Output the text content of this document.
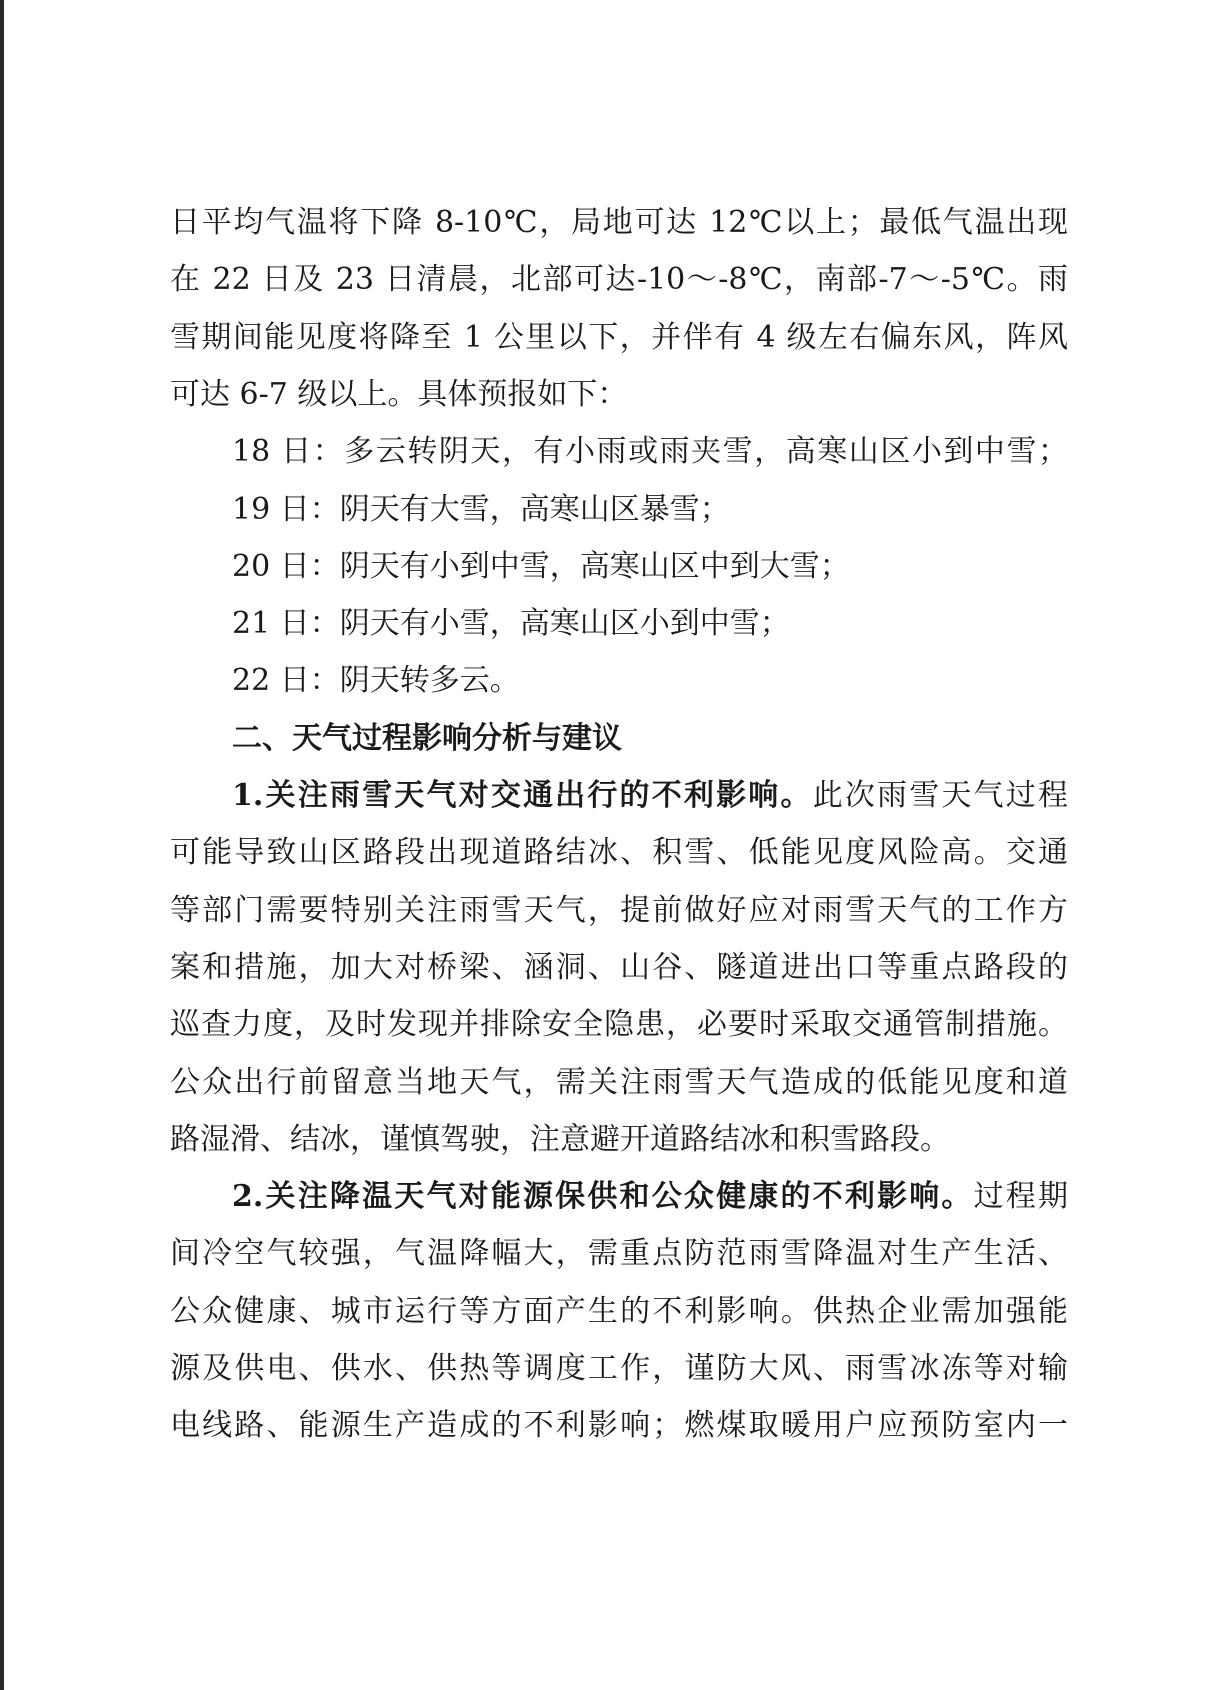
日平均气温将下降 8-10℃，局地可达 12℃以上；最低气温出现
在 22 日及 23 日清晨，北部可达-10～-8℃，南部-7～-5℃。雨
雪期间能见度将降至 1 公里以下，并伴有 4 级左右偏东风，阵风
可达 6-7 级以上。具体预报如下：
18 日：多云转阴天，有小雨或雨夹雪，高寒山区小到中雪；
19 日：阴天有大雪，高寒山区暴雪；
20 日：阴天有小到中雪，高寒山区中到大雪；
21 日：阴天有小雪，高寒山区小到中雪；
22 日：阴天转多云。
二、天气过程影响分析与建议
1.关注雨雪天气对交通出行的不利影响。此次雨雪天气过程
可能导致山区路段出现道路结冰、积雪、低能见度风险高。交通
等部门需要特别关注雨雪天气，提前做好应对雨雪天气的工作方
案和措施，加大对桥梁、涵洞、山谷、隧道进出口等重点路段的
巡查力度，及时发现并排除安全隐患，必要时采取交通管制措施。
公众出行前留意当地天气，需关注雨雪天气造成的低能见度和道
路湿滑、结冰，谨慎驾驶，注意避开道路结冰和积雪路段。
2.关注降温天气对能源保供和公众健康的不利影响。过程期
间冷空气较强，气温降幅大，需重点防范雨雪降温对生产生活、
公众健康、城市运行等方面产生的不利影响。供热企业需加强能
源及供电、供水、供热等调度工作，谨防大风、雨雪冰冻等对输
电线路、能源生产造成的不利影响；燃煤取暖用户应预防室内一
